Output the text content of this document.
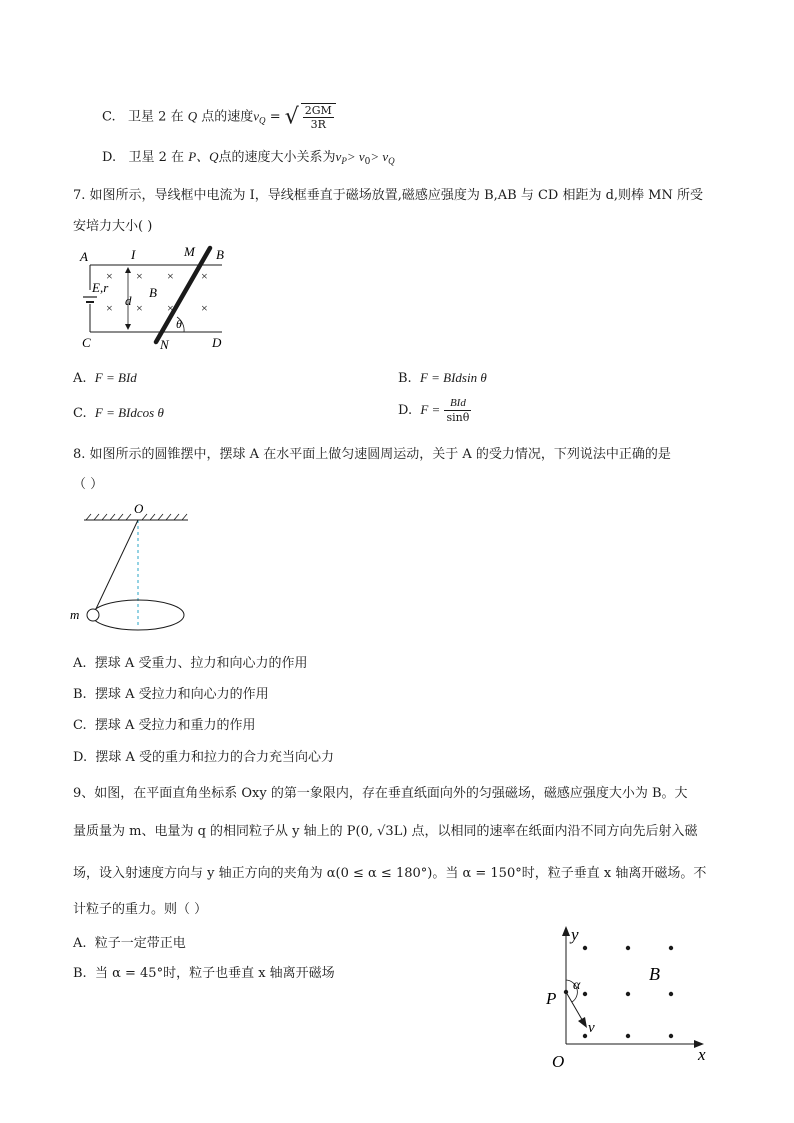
C. 卫星 2 在 Q 点的速度$v_Q$ = √ $\frac{2GM}{3R}$
D. 卫星 2 在 P、Q点的速度大小关系为$v_P> v_0> v_Q$
7. 如图所示，导线框中电流为 I，导线框垂直于磁场放置,磁感应强度为 B,AB 与 CD 相距为 d,则棒 MN 所受
安培力大小( )
A	I	M B
E,r
d
B
θ
C	N	D
× × × ×
× × × ×
A. F = BId	B. F = BIdsin θ
C. F = BIdcos θ	D. $F = \frac{\text{BId}}{\sin\theta}$
8. 如图所示的圆锥摆中，摆球 A 在水平面上做匀速圆周运动，关于 A 的受力情况，下列说法中正确的是
（ ）
O
m
A. 摆球 A 受重力、拉力和向心力的作用
B. 摆球 A 受拉力和向心力的作用
C. 摆球 A 受拉力和重力的作用
D. 摆球 A 受的重力和拉力的合力充当向心力
9、如图，在平面直角坐标系 Oxy 的第一象限内，存在垂直纸面向外的匀强磁场，磁感应强度大小为 B。大
量质量为 m、电量为 q 的相同粒子从 y 轴上的 P(0, √3L) 点，以相同的速率在纸面内沿不同方向先后射入磁
场，设入射速度方向与 y 轴正方向的夹角为 α(0 ≤ α ≤ 180°)。当 α = 150°时，粒子垂直 x 轴离开磁场。不
计粒子的重力。则（ ）
A. 粒子一定带正电
B. 当 α = 45°时，粒子也垂直 x 轴离开磁场
y
x
O
P
α
v
B
